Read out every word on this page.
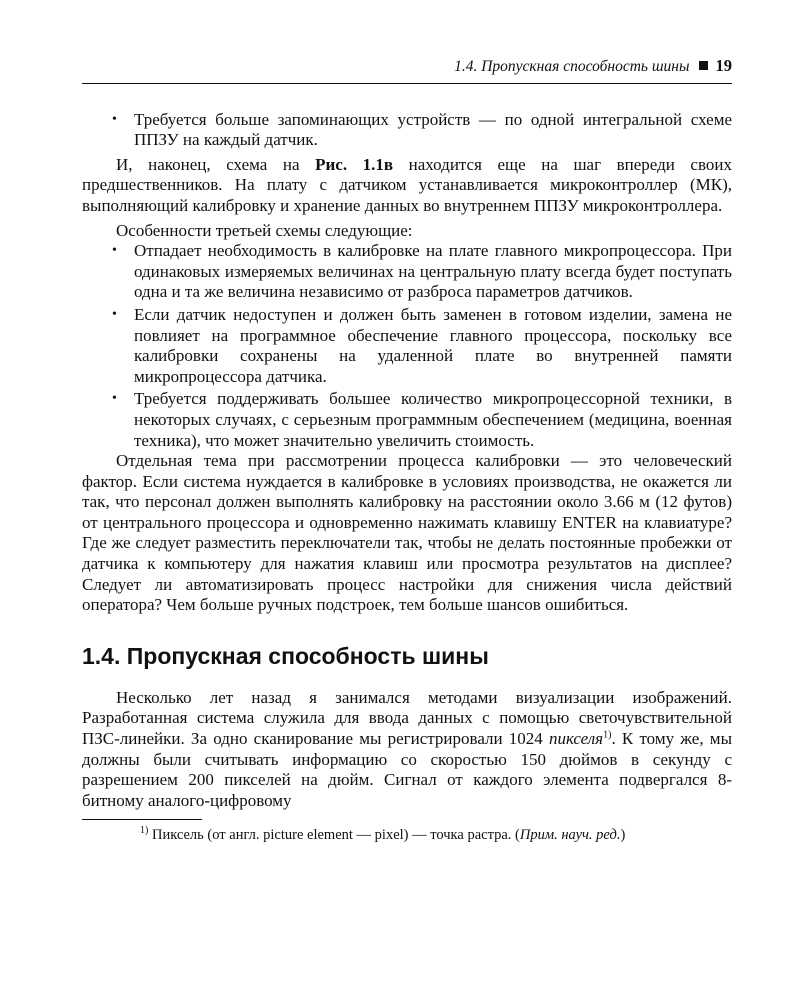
1.4. Пропускная способность шины 19
• Требуется больше запоминающих устройств — по одной интегральной схеме ППЗУ на каждый датчик.

И, наконец, схема на Рис. 1.1в находится еще на шаг впереди своих предшественников. На плату с датчиком устанавливается микроконтроллер (МК), выполняющий калибровку и хранение данных во внутреннем ППЗУ микроконтроллера.

Особенности третьей схемы следующие:

• Отпадает необходимость в калибровке на плате главного микропроцессора. При одинаковых измеряемых величинах на центральную плату всегда будет поступать одна и та же величина независимо от разброса параметров датчиков.
• Если датчик недоступен и должен быть заменен в готовом изделии, замена не повлияет на программное обеспечение главного процессора, поскольку все калибровки сохранены на удаленной плате во внутренней памяти микропроцессора датчика.
• Требуется поддерживать большее количество микропроцессорной техники, в некоторых случаях, с серьезным программным обеспечением (медицина, военная техника), что может значительно увеличить стоимость.

Отдельная тема при рассмотрении процесса калибровки — это человеческий фактор. Если система нуждается в калибровке в условиях производства, не окажется ли так, что персонал должен выполнять калибровку на расстоянии около 3.66 м (12 футов) от центрального процессора и одновременно нажимать клавишу ENTER на клавиатуре? Где же следует разместить переключатели так, чтобы не делать постоянные пробежки от датчика к компьютеру для нажатия клавиш или просмотра результатов на дисплее? Следует ли автоматизировать процесс настройки для снижения числа действий оператора? Чем больше ручных подстроек, тем больше шансов ошибиться.

1.4. Пропускная способность шины

Несколько лет назад я занимался методами визуализации изображений. Разработанная система служила для ввода данных с помощью светочувствительной ПЗС-линейки. За одно сканирование мы регистрировали 1024 пикселя$^{1)}$. К тому же, мы должны были считывать информацию со скоростью 150 дюймов в секунду с разрешением 200 пикселей на дюйм. Сигнал от каждого элемента подвергался 8-битному аналого-цифровому

$^{1)}$ Пиксель (от англ. picture element — pixel) — точка растра. (Прим. науч. ред.)
